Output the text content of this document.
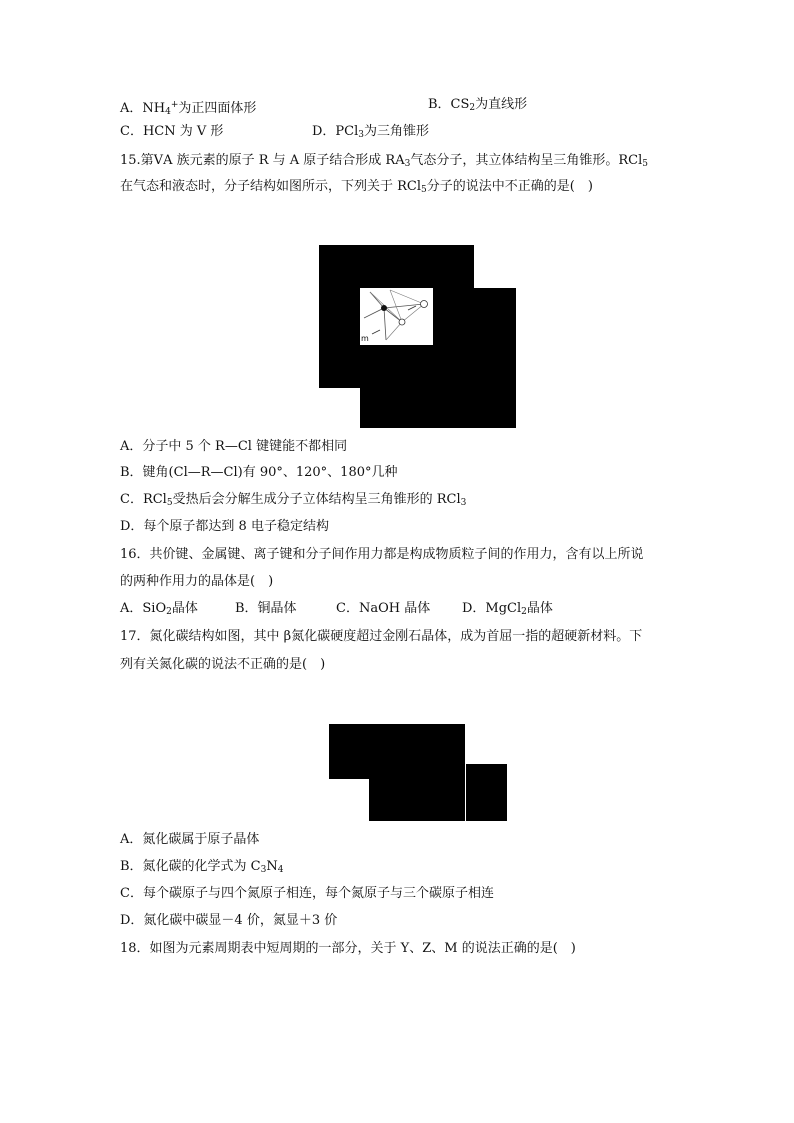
A．$NH_4^+$为正四面体形	B．$CS_2$为直线形
C．HCN 为 V 形	D．PCl$_3$为三角锥形
15.第ⅤA 族元素的原子 R 与 A 原子结合形成 $RA_3$气态分子，其立体结构呈三角锥形。RCl$_5$
在气态和液态时，分子结构如图所示，下列关于 RCl$_5$分子的说法中不正确的是(　)
m
A．分子中 5 个 R—Cl 键键能不都相同
B．键角(Cl—R—Cl)有 90°、120°、180°几种
C．RCl$_5$受热后会分解生成分子立体结构呈三角锥形的 RCl$_3$
D．每个原子都达到 8 电子稳定结构
16．共价键、金属键、离子键和分子间作用力都是构成物质粒子间的作用力，含有以上所说
的两种作用力的晶体是(　)
A．SiO$_2$晶体	B．铜晶体	C．NaOH 晶体 D．MgCl$_2$晶体
17．氮化碳结构如图，其中 β氮化碳硬度超过金刚石晶体，成为首屈一指的超硬新材料。下
列有关氮化碳的说法不正确的是(　)
A．氮化碳属于原子晶体
B．氮化碳的化学式为 $C_3N_4$
C．每个碳原子与四个氮原子相连，每个氮原子与三个碳原子相连
D．氮化碳中碳显－4 价，氮显＋3 价
18．如图为元素周期表中短周期的一部分，关于 Y、Z、M 的说法正确的是(　)
